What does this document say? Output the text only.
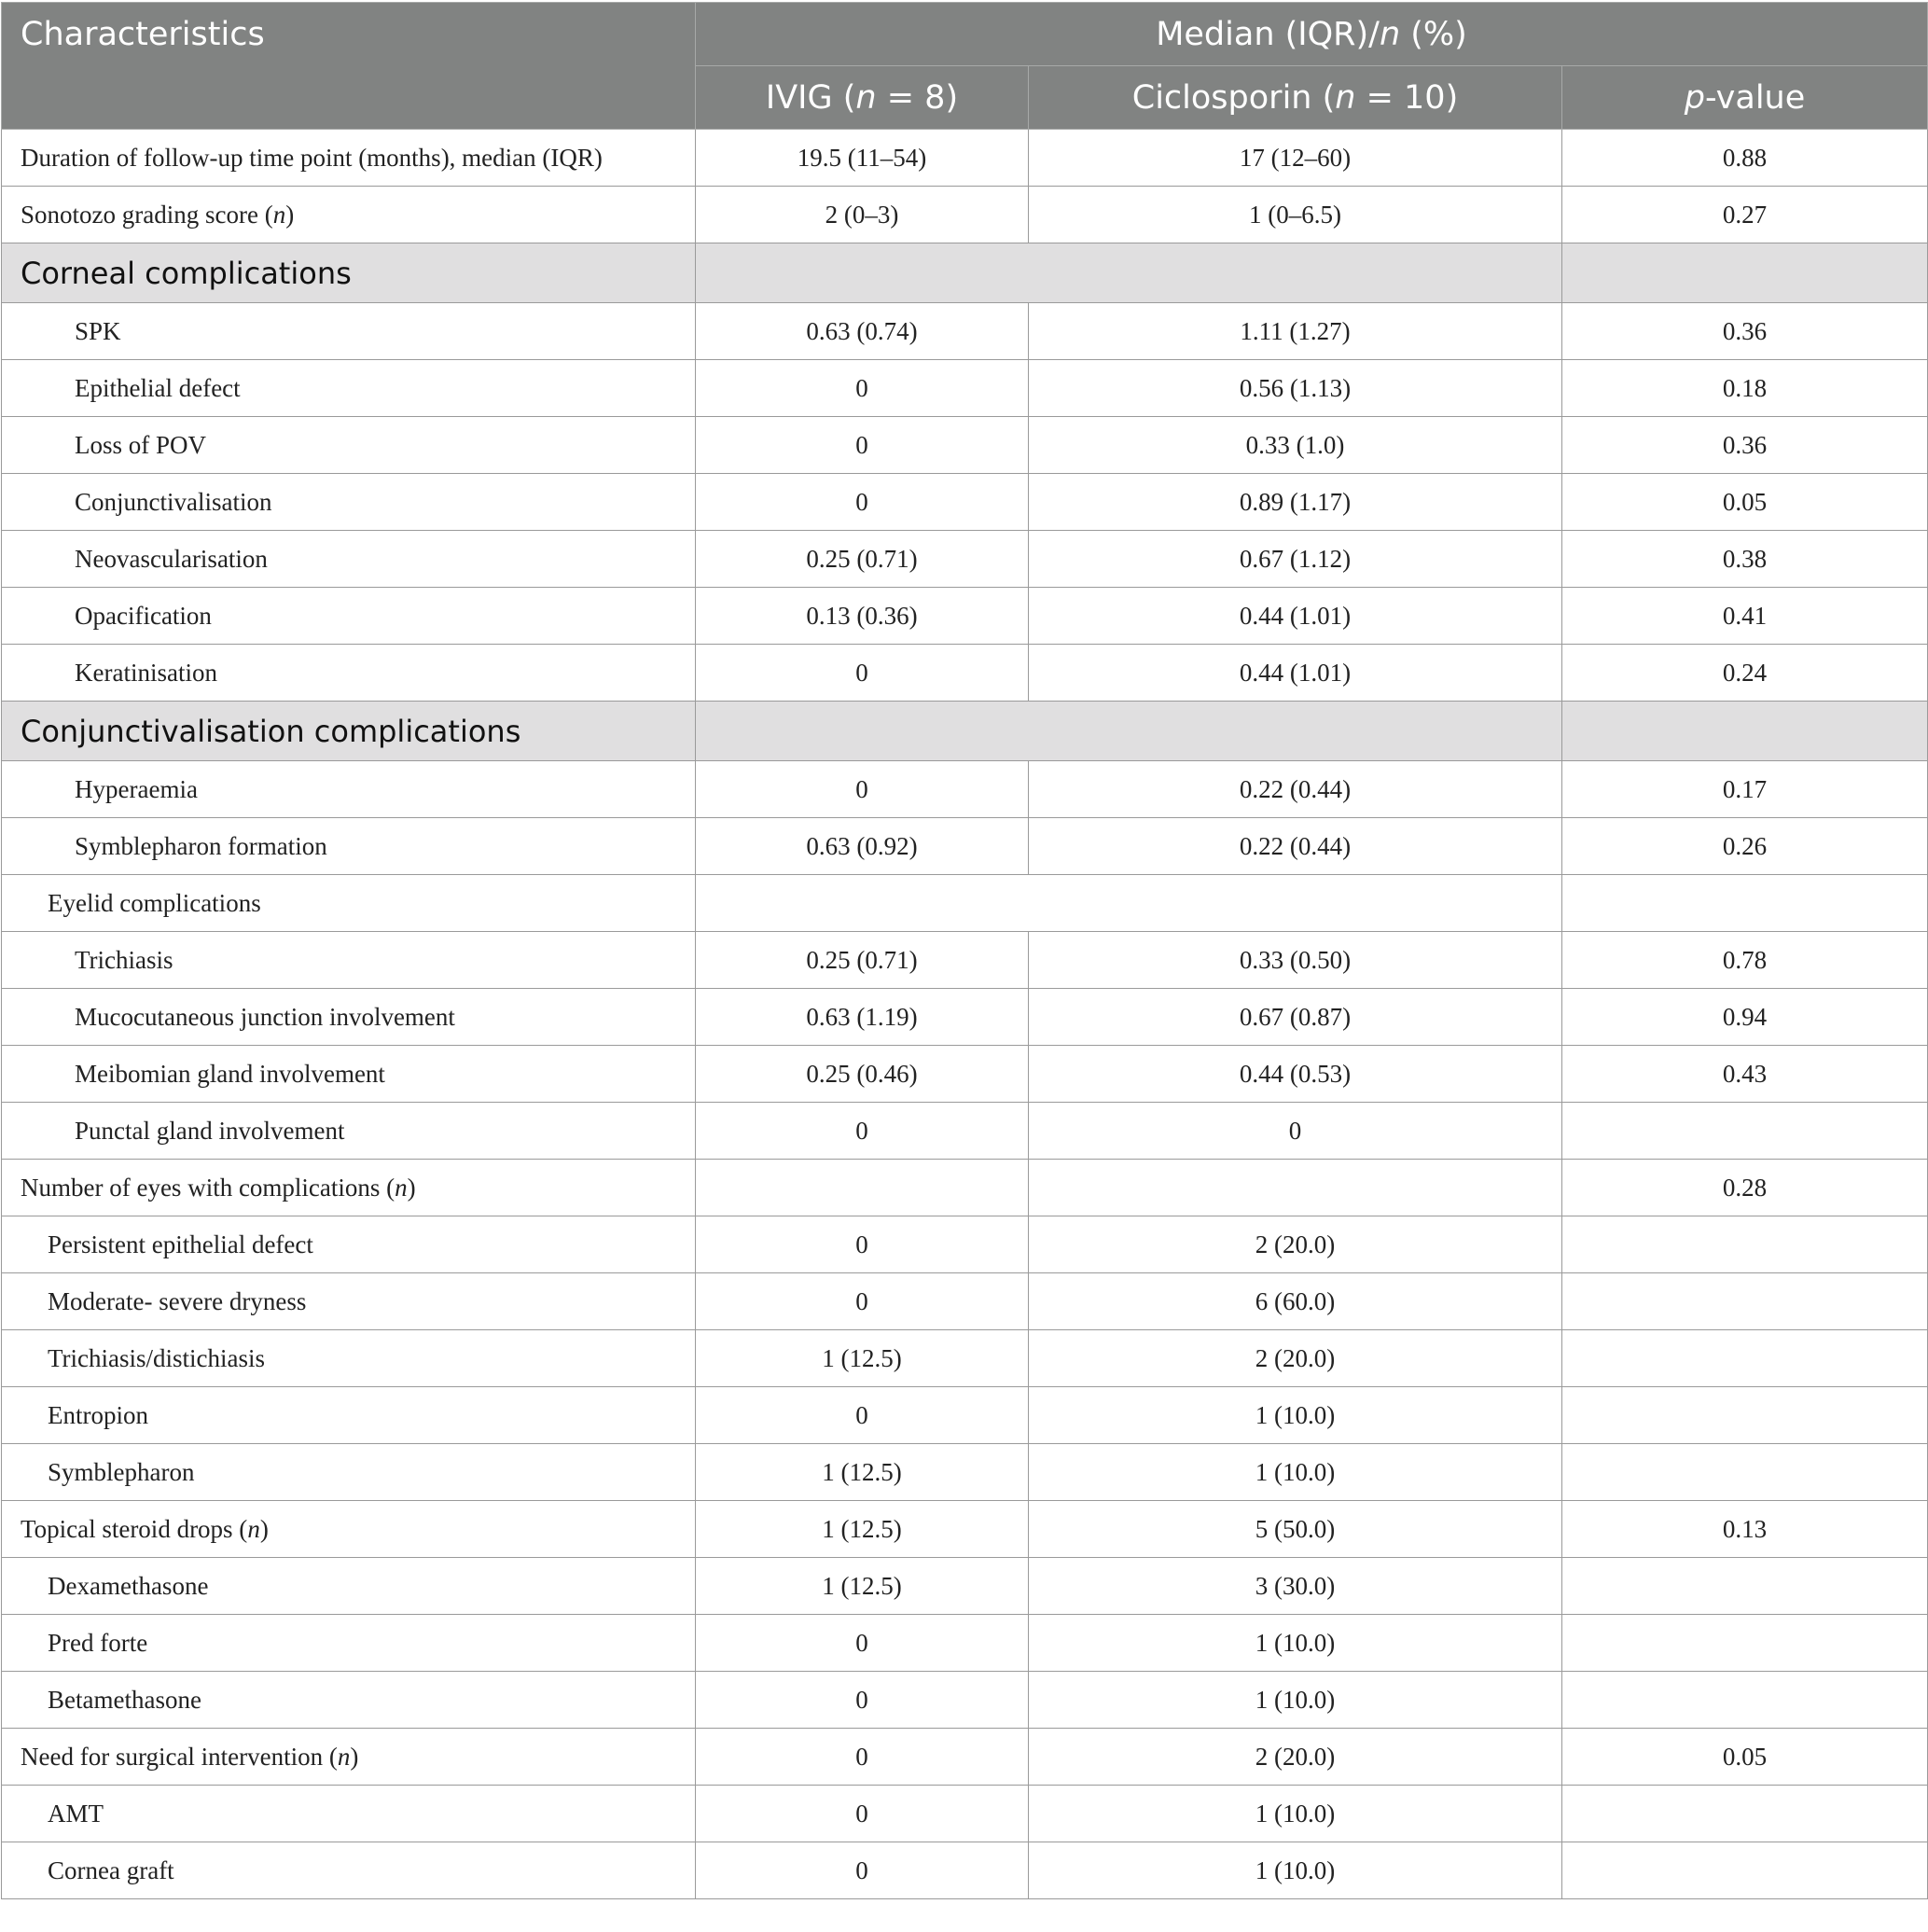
Characteristics	Median (IQR)/n (%)		
	IVIG (n = 8)	Ciclosporin (n = 10)	p-value
Duration of follow-up time point (months), median (IQR)	19.5 (11–54)	17 (12–60)	0.88
Sonotozo grading score (n)	2 (0–3)	1 (0–6.5)	0.27
Corneal complications			
SPK	0.63 (0.74)	1.11 (1.27)	0.36
Epithelial defect	0	0.56 (1.13)	0.18
Loss of POV	0	0.33 (1.0)	0.36
Conjunctivalisation	0	0.89 (1.17)	0.05
Neovascularisation	0.25 (0.71)	0.67 (1.12)	0.38
Opacification	0.13 (0.36)	0.44 (1.01)	0.41
Keratinisation	0	0.44 (1.01)	0.24
Conjunctivalisation complications			
Hyperaemia	0	0.22 (0.44)	0.17
Symblepharon formation	0.63 (0.92)	0.22 (0.44)	0.26
Eyelid complications			
Trichiasis	0.25 (0.71)	0.33 (0.50)	0.78
Mucocutaneous junction involvement	0.63 (1.19)	0.67 (0.87)	0.94
Meibomian gland involvement	0.25 (0.46)	0.44 (0.53)	0.43
Punctal gland involvement	0	0	
Number of eyes with complications (n)			0.28
Persistent epithelial defect	0	2 (20.0)	
Moderate- severe dryness	0	6 (60.0)	
Trichiasis/distichiasis	1 (12.5)	2 (20.0)	
Entropion	0	1 (10.0)	
Symblepharon	1 (12.5)	1 (10.0)	
Topical steroid drops (n)	1 (12.5)	5 (50.0)	0.13
Dexamethasone	1 (12.5)	3 (30.0)	
Pred forte	0	1 (10.0)	
Betamethasone	0	1 (10.0)	
Need for surgical intervention (n)	0	2 (20.0)	0.05
AMT	0	1 (10.0)	
Cornea graft	0	1 (10.0)	
